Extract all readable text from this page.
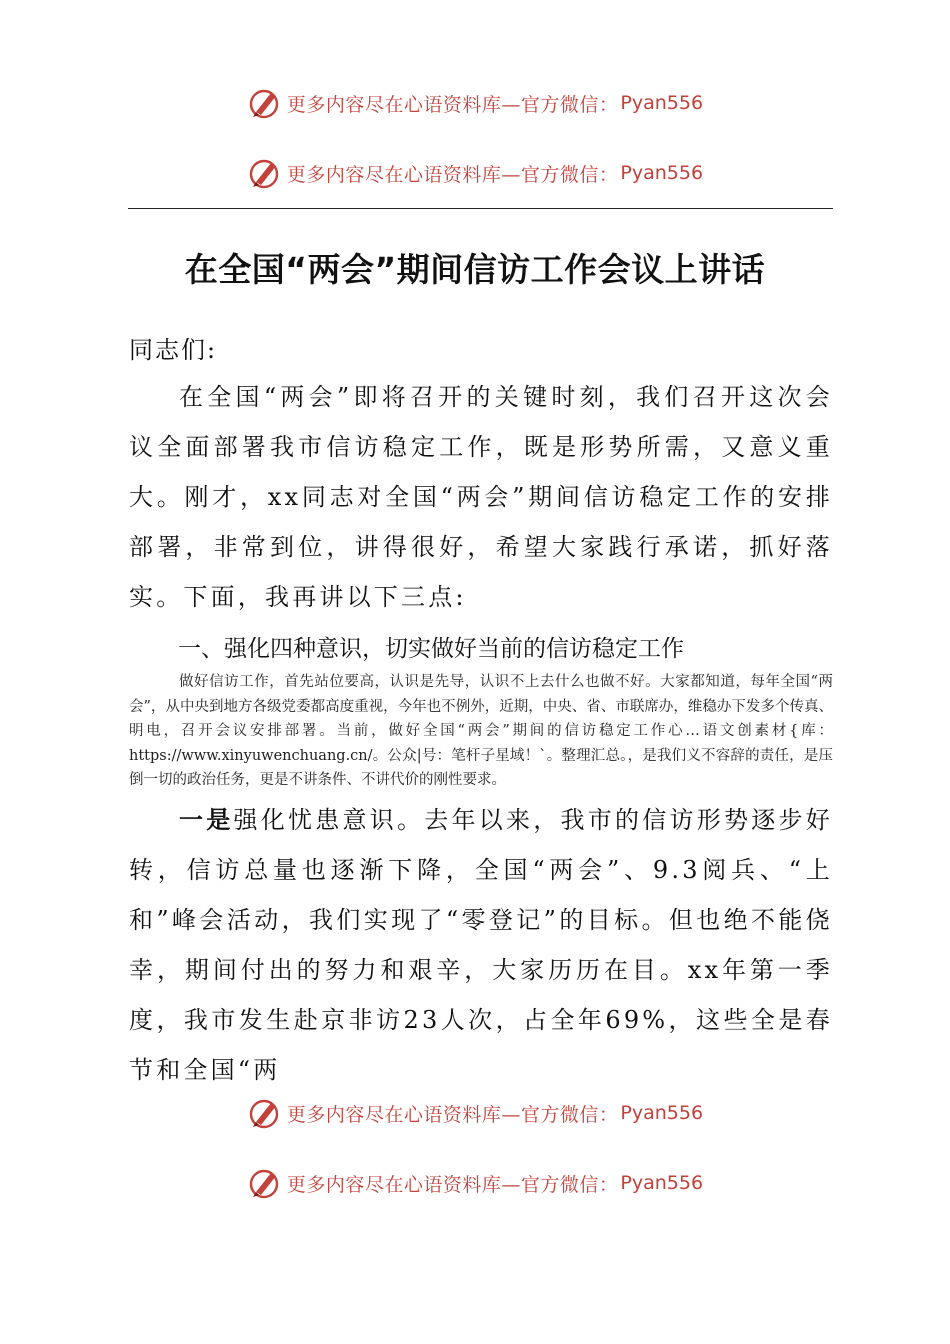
更多内容尽在心语资料库—官方微信： Pyan556
更多内容尽在心语资料库—官方微信： Pyan556
在全国“两会”期间信访工作会议上讲话
同志们:
在全国“两会”即将召开的关键时刻，我们召开这次会议全面部署我市信访稳定工作，既是形势所需，又意义重大。刚才，xx同志对全国“两会”期间信访稳定工作的安排部署，非常到位，讲得很好，希望大家践行承诺，抓好落实。下面，我再讲以下三点:
一、强化四种意识，切实做好当前的信访稳定工作
做好信访工作，首先站位要高，认识是先导，认识不上去什么也做不好。大家都知道，每年全国“两会”，从中央到地方各级党委都高度重视，今年也不例外，近期，中央、省、市联席办，维稳办下发多个传真、明电，召开会议安排部署。当前，做好全国“两会”期间的信访稳定工作心…语文创素材{库：https://www.xinyuwenchuang.cn/。公众|号：笔杆子星域！`。整理汇总。，是我们义不容辞的责任，是压倒一切的政治任务，更是不讲条件、不讲代价的刚性要求。
一是强化忧患意识。去年以来，我市的信访形势逐步好转，信访总量也逐渐下降，全国“两会”、9.3阅兵、“上和”峰会活动，我们实现了“零登记”的目标。但也绝不能侥幸，期间付出的努力和艰辛，大家历历在目。xx年第一季度，我市发生赴京非访23人次，占全年69%，这些全是春节和全国“两
更多内容尽在心语资料库—官方微信： Pyan556
更多内容尽在心语资料库—官方微信： Pyan556
